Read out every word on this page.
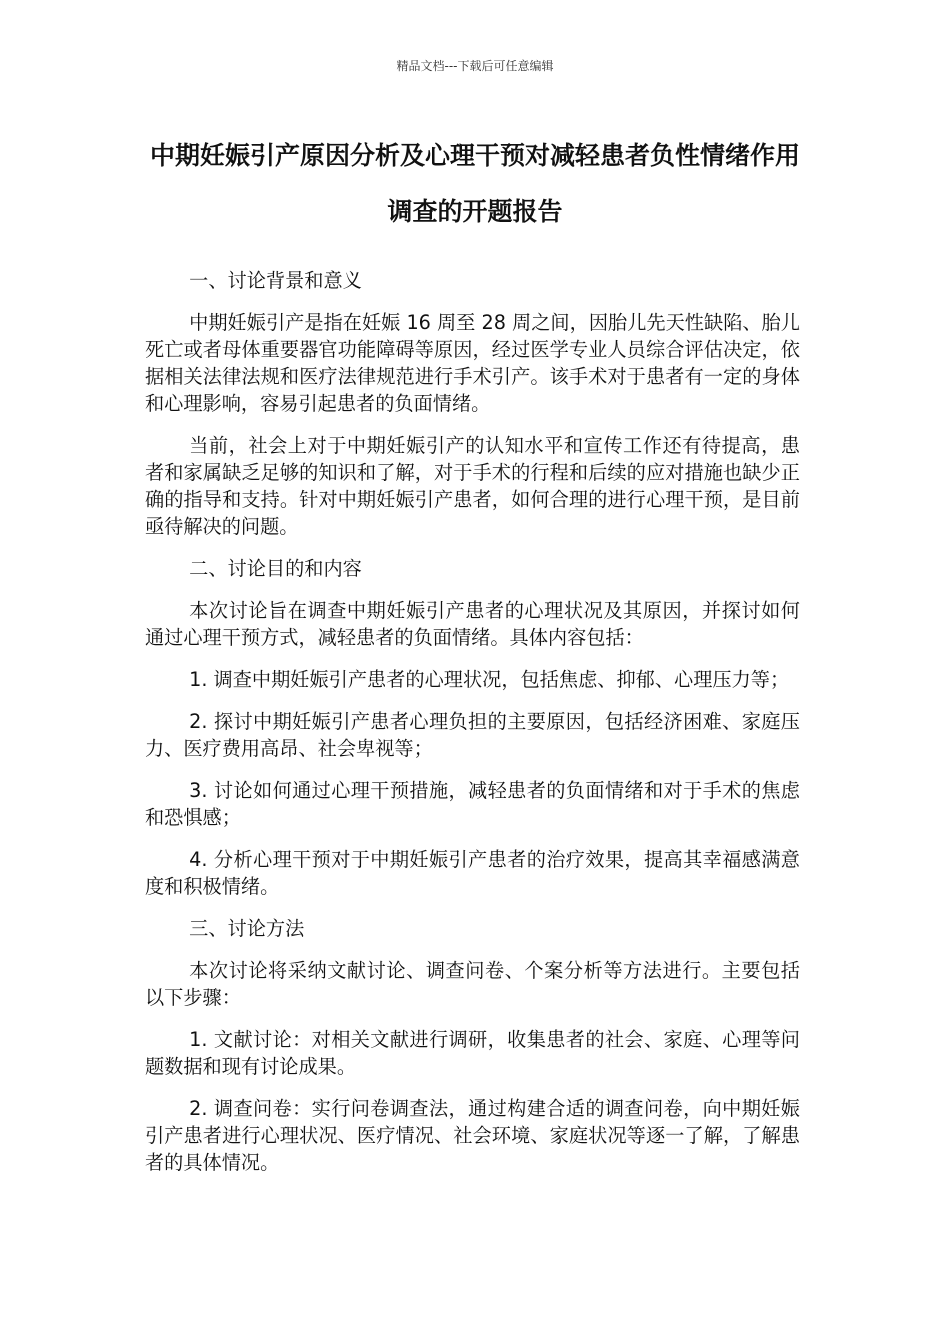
精品文档---下载后可任意编辑
中期妊娠引产原因分析及心理干预对减轻患者负性情绪作用调查的开题报告

一、讨论背景和意义

中期妊娠引产是指在妊娠 16 周至 28 周之间，因胎儿先天性缺陷、胎儿死亡或者母体重要器官功能障碍等原因，经过医学专业人员综合评估决定，依据相关法律法规和医疗法律规范进行手术引产。该手术对于患者有一定的身体和心理影响，容易引起患者的负面情绪。

当前，社会上对于中期妊娠引产的认知水平和宣传工作还有待提高，患者和家属缺乏足够的知识和了解，对于手术的行程和后续的应对措施也缺少正确的指导和支持。针对中期妊娠引产患者，如何合理的进行心理干预，是目前亟待解决的问题。

二、讨论目的和内容

本次讨论旨在调查中期妊娠引产患者的心理状况及其原因，并探讨如何通过心理干预方式，减轻患者的负面情绪。具体内容包括：

1. 调查中期妊娠引产患者的心理状况，包括焦虑、抑郁、心理压力等；

2. 探讨中期妊娠引产患者心理负担的主要原因，包括经济困难、家庭压力、医疗费用高昂、社会卑视等；

3. 讨论如何通过心理干预措施，减轻患者的负面情绪和对于手术的焦虑和恐惧感；

4. 分析心理干预对于中期妊娠引产患者的治疗效果，提高其幸福感满意度和积极情绪。

三、讨论方法

本次讨论将采纳文献讨论、调查问卷、个案分析等方法进行。主要包括以下步骤：

1. 文献讨论：对相关文献进行调研，收集患者的社会、家庭、心理等问题数据和现有讨论成果。

2. 调查问卷：实行问卷调查法，通过构建合适的调查问卷，向中期妊娠引产患者进行心理状况、医疗情况、社会环境、家庭状况等逐一了解，了解患者的具体情况。
